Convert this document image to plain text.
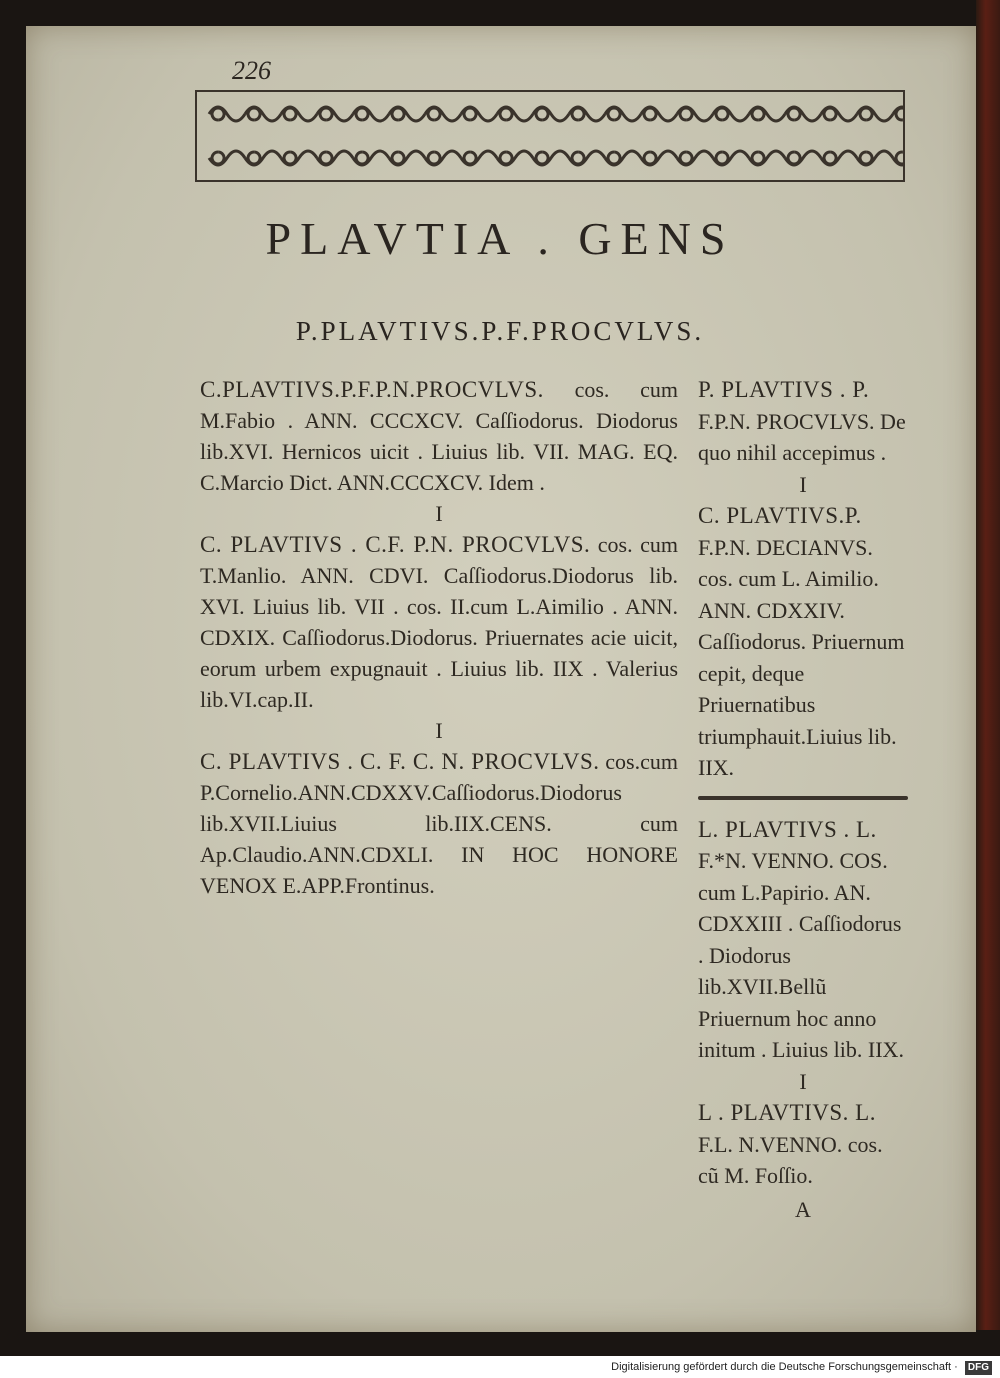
226
PLAVTIA . GENS
P.PLAVTIVS.P.F.PROCVLVS.

C.PLAVTIVS.P.F.P.N.PROCVLVS. cos. cum M.Fabio . ANN. CCCXCV. Caſſiodorus. Diodorus lib.XVI. Hernicos uicit . Liuius lib. VII. MAG. EQ. C.Marcio Dict. ANN.CCCXCV. Idem .

I

C. PLAVTIVS . C.F. P.N. PROCVLVS. cos. cum T.Manlio. ANN. CDVI. Caſſiodorus.Diodorus lib. XVI. Liuius lib. VII . cos. II.cum L.Aimilio . ANN. CDXIX. Caſſiodorus.Diodorus. Priuernates acie uicit, eorum urbem expugnauit . Liuius lib. IIX . Valerius lib.VI.cap.II.

I

C. PLAVTIVS . C. F. C. N. PROCVLVS. cos.cum P.Cornelio.ANN.CDXXV.Caſſiodorus.Diodorus lib.XVII.Liuius lib.IIX.CENS. cum Ap.Claudio.ANN.CDXLI. IN HOC HONORE VENOX E.APP.Frontinus.

P. PLAVTIVS . P. F.P.N. PROCVLVS. De quo nihil accepimus .

I

C. PLAVTIVS.P. F.P.N. DECIANVS. cos. cum L. Aimilio. ANN. CDXXIV. Caſſiodorus. Priuernum cepit, deque Priuernatibus triumphauit.Liuius lib. IIX.

L. PLAVTIVS . L. F.*N. VENNO. COS. cum L.Papirio. AN. CDXXIII . Caſſiodorus . Diodorus lib.XVII.Bellũ Priuernum hoc anno initum . Liuius lib. IIX.

I

L . PLAVTIVS. L. F.L. N.VENNO. cos. cũ M. Foſſio.

A

Digitalisierung gefördert durch die Deutsche Forschungsgemeinschaft · DFG
